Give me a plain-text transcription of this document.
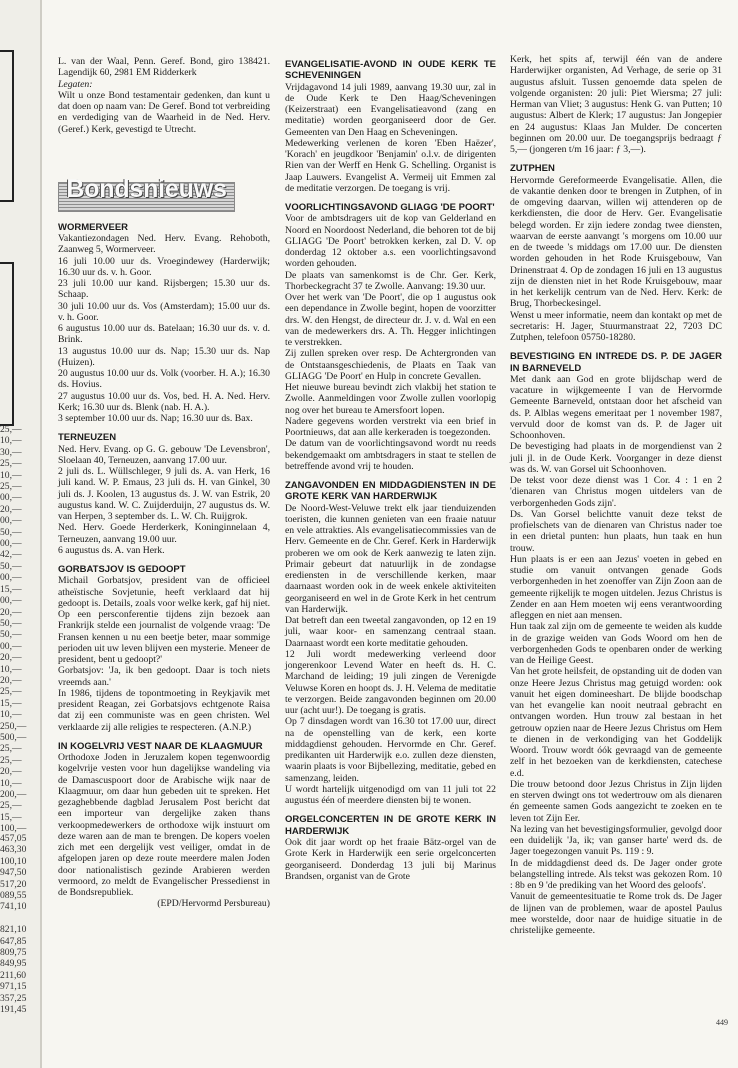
25,—
10,—
30,—
25,—
10,—
25,—
00,—
20,—
00,—
50,—
00,—
42,—
50,—
00,—
15,—
00,—
20,—
50,—
50,—
00,—
20,—
10,—
20,—
25,—
15,—
10,—
250,—
500,—
25,—
25,—
20,—
10,—
200,—
25,—
15,—
100,—
457,05
463,30
100,10
947,50
517,20
089,55
741,10

821,10
647,85
809,75
849,95
211,60
971,15
357,25
191,45

L. van der Waal, Penn. Geref. Bond, giro 138421. Lagendijk 60, 2981 EM Ridderkerk

Legaten:

Wilt u onze Bond testamentair gedenken, dan kunt u dat doen op naam van: De Geref. Bond tot verbreiding en verdediging van de Waarheid in de Ned. Herv. (Geref.) Kerk, gevestigd te Utrecht.

Bondsnieuws
WORMERVEER

Vakantiezondagen Ned. Herv. Evang. Rehoboth, Zaanweg 5, Wormerveer.

16 juli 10.00 uur ds. Vroegindewey (Harderwijk; 16.30 uur ds. v. h. Goor.

23 juli 10.00 uur kand. Rijsbergen; 15.30 uur ds. Schaap.

30 juli 10.00 uur ds. Vos (Amsterdam); 15.00 uur ds. v. h. Goor.

6 augustus 10.00 uur ds. Batelaan; 16.30 uur ds. v. d. Brink.

13 augustus 10.00 uur ds. Nap; 15.30 uur ds. Nap (Huizen).

20 augustus 10.00 uur ds. Volk (voorber. H. A.); 16.30 ds. Hovius.

27 augustus 10.00 uur ds. Vos, bed. H. A. Ned. Herv. Kerk; 16.30 uur ds. Blenk (nab. H. A.).

3 september 10.00 uur ds. Nap; 16.30 uur ds. Bax.

TERNEUZEN

Ned. Herv. Evang. op G. G. gebouw 'De Levensbron', Sloelaan 40, Terneuzen, aanvang 17.00 uur.

2 juli ds. L. Wüllschleger, 9 juli ds. A. van Herk, 16 juli kand. W. P. Emaus, 23 juli ds. H. van Ginkel, 30 juli ds. J. Koolen, 13 augustus ds. J. W. van Estrik, 20 augustus kand. W. C. Zuijderduijn, 27 augustus ds. W. van Herpen, 3 september ds. L. W. Ch. Ruijgrok.

Ned. Herv. Goede Herderkerk, Koninginnelaan 4, Terneuzen, aanvang 19.00 uur.

6 augustus ds. A. van Herk.

GORBATSJOV IS GEDOOPT

Michail Gorbatsjov, president van de officieel atheïstische Sovjetunie, heeft verklaard dat hij gedoopt is. Details, zoals voor welke kerk, gaf hij niet. Op een persconferentie tijdens zijn bezoek aan Frankrijk stelde een journalist de volgende vraag: 'De Fransen kennen u nu een beetje beter, maar sommige perioden uit uw leven blijven een mysterie. Meneer de president, bent u gedoopt?'

Gorbatsjov: 'Ja, ik ben gedoopt. Daar is toch niets vreemds aan.'

In 1986, tijdens de topontmoeting in Reykjavik met president Reagan, zei Gorbatsjovs echtgenote Raisa dat zij een communiste was en geen christen. Wel verklaarde zij alle religies te respecteren. (A.N.P.)

IN KOGELVRIJ VEST NAAR DE KLAAGMUUR

Orthodoxe Joden in Jeruzalem kopen tegenwoordig kogelvrije vesten voor hun dagelijkse wandeling via de Damascuspoort door de Arabische wijk naar de Klaagmuur, om daar hun gebeden uit te spreken. Het gezaghebbende dagblad Jerusalem Post bericht dat een importeur van dergelijke zaken thans verkoopmedewerkers de orthodoxe wijk instuurt om deze waren aan de man te brengen. De kopers voelen zich met een dergelijk vest veiliger, omdat in de afgelopen jaren op deze route meerdere malen Joden door nationalistisch gezinde Arabieren werden vermoord, zo meldt de Evangelischer Pressedienst in de Bondsrepubliek.

(EPD/Hervormd Persbureau)

EVANGELISATIE-AVOND IN OUDE KERK TE SCHEVENINGEN

Vrijdagavond 14 juli 1989, aanvang 19.30 uur, zal in de Oude Kerk te Den Haag/Scheveningen (Keizerstraat) een Evangelisatieavond (zang en meditatie) worden georganiseerd door de Ger. Gemeenten van Den Haag en Scheveningen.

Medewerking verlenen de koren 'Eben Haëzer', 'Korach' en jeugdkoor 'Benjamin' o.l.v. de dirigenten Rien van der Werff en Henk G. Schelling. Organist is Jaap Lauwers. Evangelist A. Vermeij uit Emmen zal de meditatie verzorgen. De toegang is vrij.

VOORLICHTINGSAVOND GLIAGG 'DE POORT'

Voor de ambtsdragers uit de kop van Gelderland en Noord en Noordoost Nederland, die behoren tot de bij GLIAGG 'De Poort' betrokken kerken, zal D. V. op donderdag 12 oktober a.s. een voorlichtingsavond worden gehouden.

De plaats van samenkomst is de Chr. Ger. Kerk, Thorbeckegracht 37 te Zwolle. Aanvang: 19.30 uur.

Over het werk van 'De Poort', die op 1 augustus ook een dependance in Zwolle begint, hopen de voorzitter drs. W. den Hengst, de directeur dr. J. v. d. Wal en een van de medewerkers drs. A. Th. Hegger inlichtingen te verstrekken.

Zij zullen spreken over resp. De Achtergronden van de Ontstaansgeschiedenis, de Plaats en Taak van GLIAGG 'De Poort' en Hulp in concrete Gevallen.

Het nieuwe bureau bevindt zich vlakbij het station te Zwolle. Aanmeldingen voor Zwolle zullen voorlopig nog over het bureau te Amersfoort lopen.

Nadere gegevens worden verstrekt via een brief in Poortnieuws, dat aan alle kerkeraden is toegezonden.

De datum van de voorlichtingsavond wordt nu reeds bekendgemaakt om ambtsdragers in staat te stellen de betreffende avond vrij te houden.

ZANGAVONDEN EN MIDDAGDIENSTEN IN DE GROTE KERK VAN HARDERWIJK

De Noord-West-Veluwe trekt elk jaar tienduizenden toeristen, die kunnen genieten van een fraaie natuur en vele attrakties. Als evangelisatiecommissies van de Herv. Gemeente en de Chr. Geref. Kerk in Harderwijk proberen we om ook de Kerk aanwezig te laten zijn. Primair gebeurt dat natuurlijk in de zondagse erediensten in de verschillende kerken, maar daarnaast worden ook in de week enkele aktiviteiten georganiseerd en wel in de Grote Kerk in het centrum van Harderwijk.

Dat betreft dan een tweetal zangavonden, op 12 en 19 juli, waar koor- en samenzang centraal staan. Daarnaast wordt een korte meditatie gehouden.

12 Juli wordt medewerking verleend door jongerenkoor Levend Water en heeft ds. H. C. Marchand de leiding; 19 juli zingen de Verenigde Veluwse Koren en hoopt ds. J. H. Velema de meditatie te verzorgen. Beide zangavonden beginnen om 20.00 uur (acht uur!). De toegang is gratis.

Op 7 dinsdagen wordt van 16.30 tot 17.00 uur, direct na de openstelling van de kerk, een korte middagdienst gehouden. Hervormde en Chr. Geref. predikanten uit Harderwijk e.o. zullen deze diensten, waarin plaats is voor Bijbellezing, meditatie, gebed en samenzang, leiden.

U wordt hartelijk uitgenodigd om van 11 juli tot 22 augustus één of meerdere diensten bij te wonen.

ORGELCONCERTEN IN DE GROTE KERK IN HARDERWIJK

Ook dit jaar wordt op het fraaie Bätz-orgel van de Grote Kerk in Harderwijk een serie orgelconcerten georganiseerd. Donderdag 13 juli bij Marinus Brandsen, organist van de Grote

Kerk, het spits af, terwijl één van de andere Harderwijker organisten, Ad Verhage, de serie op 31 augustus afsluit. Tussen genoemde data spelen de volgende organisten: 20 juli: Piet Wiersma; 27 juli: Herman van Vliet; 3 augustus: Henk G. van Putten; 10 augustus: Albert de Klerk; 17 augustus: Jan Jongepier en 24 augustus: Klaas Jan Mulder. De concerten beginnen om 20.00 uur. De toegangsprijs bedraagt ƒ 5,— (jongeren t/m 16 jaar: ƒ 3,—).

ZUTPHEN

Hervormde Gereformeerde Evangelisatie. Allen, die de vakantie denken door te brengen in Zutphen, of in de omgeving daarvan, willen wij attenderen op de kerkdiensten, die door de Herv. Ger. Evangelisatie belegd worden. Er zijn iedere zondag twee diensten, waarvan de eerste aanvangt 's morgens om 10.00 uur en de tweede 's middags om 17.00 uur. De diensten worden gehouden in het Rode Kruisgebouw, Van Drinenstraat 4. Op de zondagen 16 juli en 13 augustus zijn de diensten niet in het Rode Kruisgebouw, maar in het kerkelijk centrum van de Ned. Herv. Kerk: de Brug, Thorbeckesingel.

Wenst u meer informatie, neem dan kontakt op met de secretaris: H. Jager, Stuurmanstraat 22, 7203 DC Zutphen, telefoon 05750-18280.

BEVESTIGING EN INTREDE DS. P. DE JAGER IN BARNEVELD

Met dank aan God en grote blijdschap werd de vacature in wijkgemeente I van de Hervormde Gemeente Barneveld, ontstaan door het afscheid van ds. P. Alblas wegens emeritaat per 1 november 1987, vervuld door de komst van ds. P. de Jager uit Schoonhoven.

De bevestiging had plaats in de morgendienst van 2 juli jl. in de Oude Kerk. Voorganger in deze dienst was ds. W. van Gorsel uit Schoonhoven.

De tekst voor deze dienst was 1 Cor. 4 : 1 en 2 'dienaren van Christus mogen uitdelers van de verborgenheden Gods zijn'.

Ds. Van Gorsel belichtte vanuit deze tekst de profielschets van de dienaren van Christus nader toe in een drietal punten: hun plaats, hun taak en hun trouw.

Hun plaats is er een aan Jezus' voeten in gebed en studie om vanuit ontvangen genade Gods verborgenheden in het zoenoffer van Zijn Zoon aan de gemeente rijkelijk te mogen uitdelen. Jezus Christus is Zender en aan Hem moeten wij eens verantwoording afleggen en niet aan mensen.

Hun taak zal zijn om de gemeente te weiden als kudde in de grazige weiden van Gods Woord om hen de verborgenheden Gods te openbaren onder de werking van de Heilige Geest.

Van het grote heilsfeit, de opstanding uit de doden van onze Heere Jezus Christus mag getuigd worden: ook vanuit het eigen domineeshart. De blijde boodschap van het evangelie kan nooit neutraal gebracht en ontvangen worden. Hun trouw zal bestaan in het getrouw opzien naar de Heere Jezus Christus om Hem te dienen in de verkondiging van het Goddelijk Woord. Trouw wordt óók gevraagd van de gemeente zelf in het bezoeken van de kerkdiensten, catechese e.d.

Die trouw betoond door Jezus Christus in Zijn lijden en sterven dwingt ons tot wedertrouw om als dienaren én gemeente samen Gods aangezicht te zoeken en te leven tot Zijn Eer.

Na lezing van het bevestigingsformulier, gevolgd door een duidelijk 'Ja, ik; van ganser harte' werd ds. de Jager toegezongen vanuit Ps. 119 : 9.

In de middagdienst deed ds. De Jager onder grote belangstelling intrede. Als tekst was gekozen Rom. 10 : 8b en 9 'de prediking van het Woord des geloofs'.

Vanuit de gemeentesituatie te Rome trok ds. De Jager de lijnen van de problemen, waar de apostel Paulus mee worstelde, door naar de huidige situatie in de christelijke gemeente.

449
